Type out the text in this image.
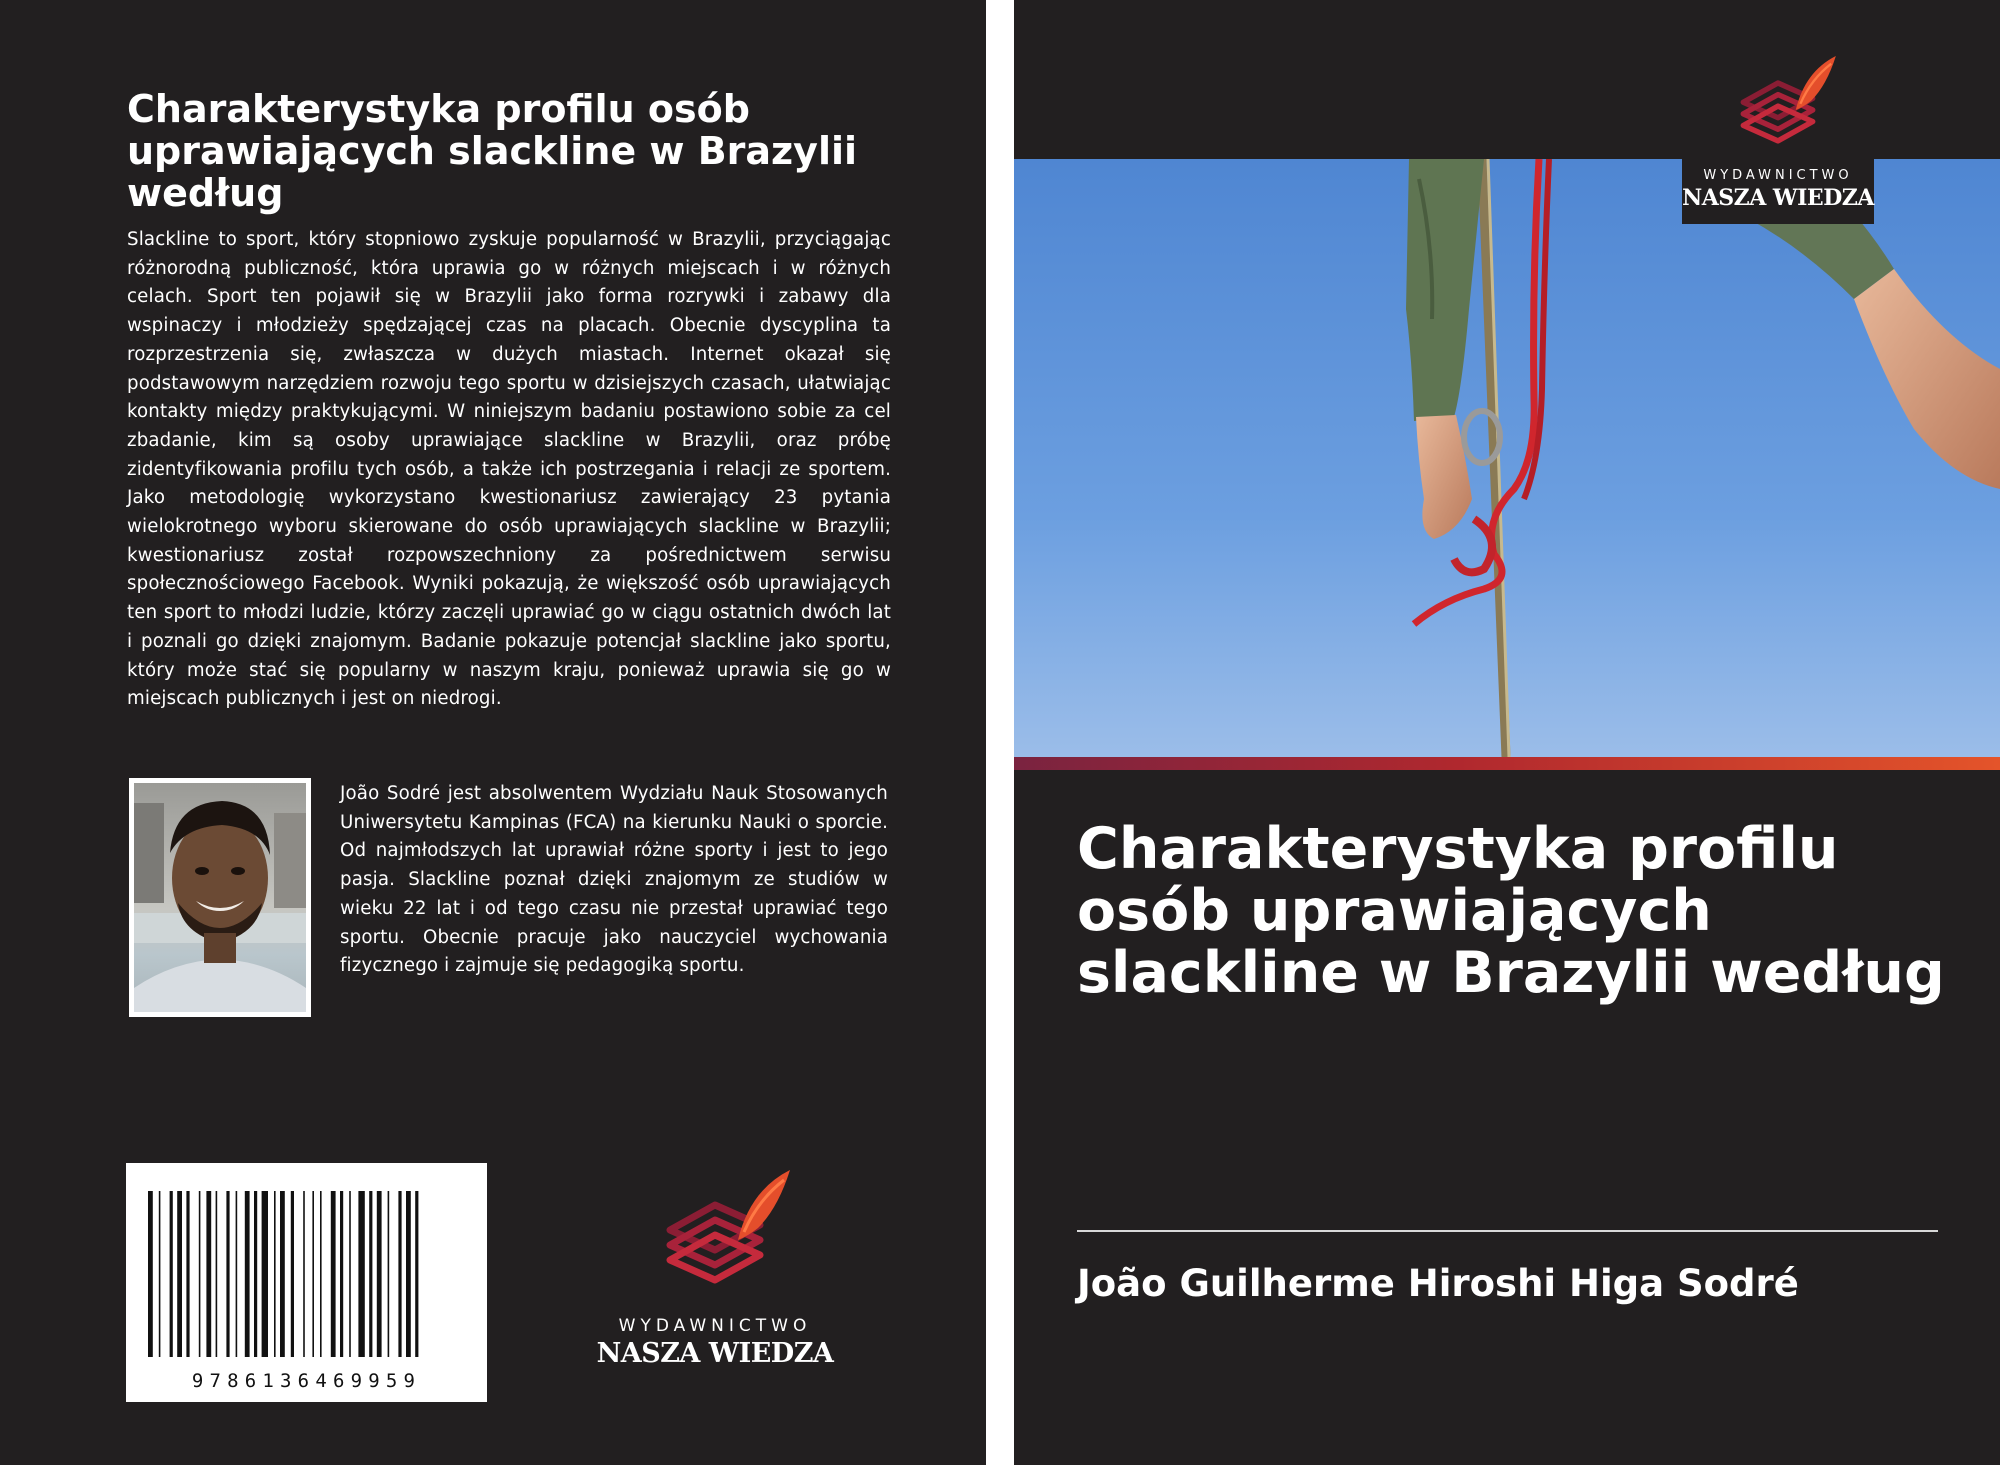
Charakterystyka profilu osób uprawiających slackline w Brazylii według

Slackline to sport, który stopniowo zyskuje popularność w Brazylii, przyciągając różnorodną publiczność, która uprawia go w różnych miejscach i w różnych celach. Sport ten pojawił się w Brazylii jako forma rozrywki i zabawy dla wspinaczy i młodzieży spędzającej czas na placach. Obecnie dyscyplina ta rozprzestrzenia się, zwłaszcza w dużych miastach. Internet okazał się podstawowym narzędziem rozwoju tego sportu w dzisiejszych czasach, ułatwiając kontakty między praktykującymi. W niniejszym badaniu postawiono sobie za cel zbadanie, kim są osoby uprawiające slackline w Brazylii, oraz próbę zidentyfikowania profilu tych osób, a także ich postrzegania i relacji ze sportem. Jako metodologię wykorzystano kwestionariusz zawierający 23 pytania wielokrotnego wyboru skierowane do osób uprawiających slackline w Brazylii; kwestionariusz został rozpowszechniony za pośrednictwem serwisu społecznościowego Facebook. Wyniki pokazują, że większość osób uprawiających ten sport to młodzi ludzie, którzy zaczęli uprawiać go w ciągu ostatnich dwóch lat i poznali go dzięki znajomym. Badanie pokazuje potencjał slackline jako sportu, który może stać się popularny w naszym kraju, ponieważ uprawia się go w miejscach publicznych i jest on niedrogi.

João Sodré jest absolwentem Wydziału Nauk Stosowanych Uniwersytetu Kampinas (FCA) na kierunku Nauki o sporcie. Od najmłodszych lat uprawiał różne sporty i jest to jego pasja. Slackline poznał dzięki znajomym ze studiów w wieku 22 lat i od tego czasu nie przestał uprawiać tego sportu. Obecnie pracuje jako nauczyciel wychowania fizycznego i zajmuje się pedagogiką sportu.

9786136469959
WYDAWNICTWO
NASZA WIEDZA
WYDAWNICTWO
NASZA WIEDZA
Charakterystyka profilu osób uprawiających slackline w Brazylii według
João Guilherme Hiroshi Higa Sodré
